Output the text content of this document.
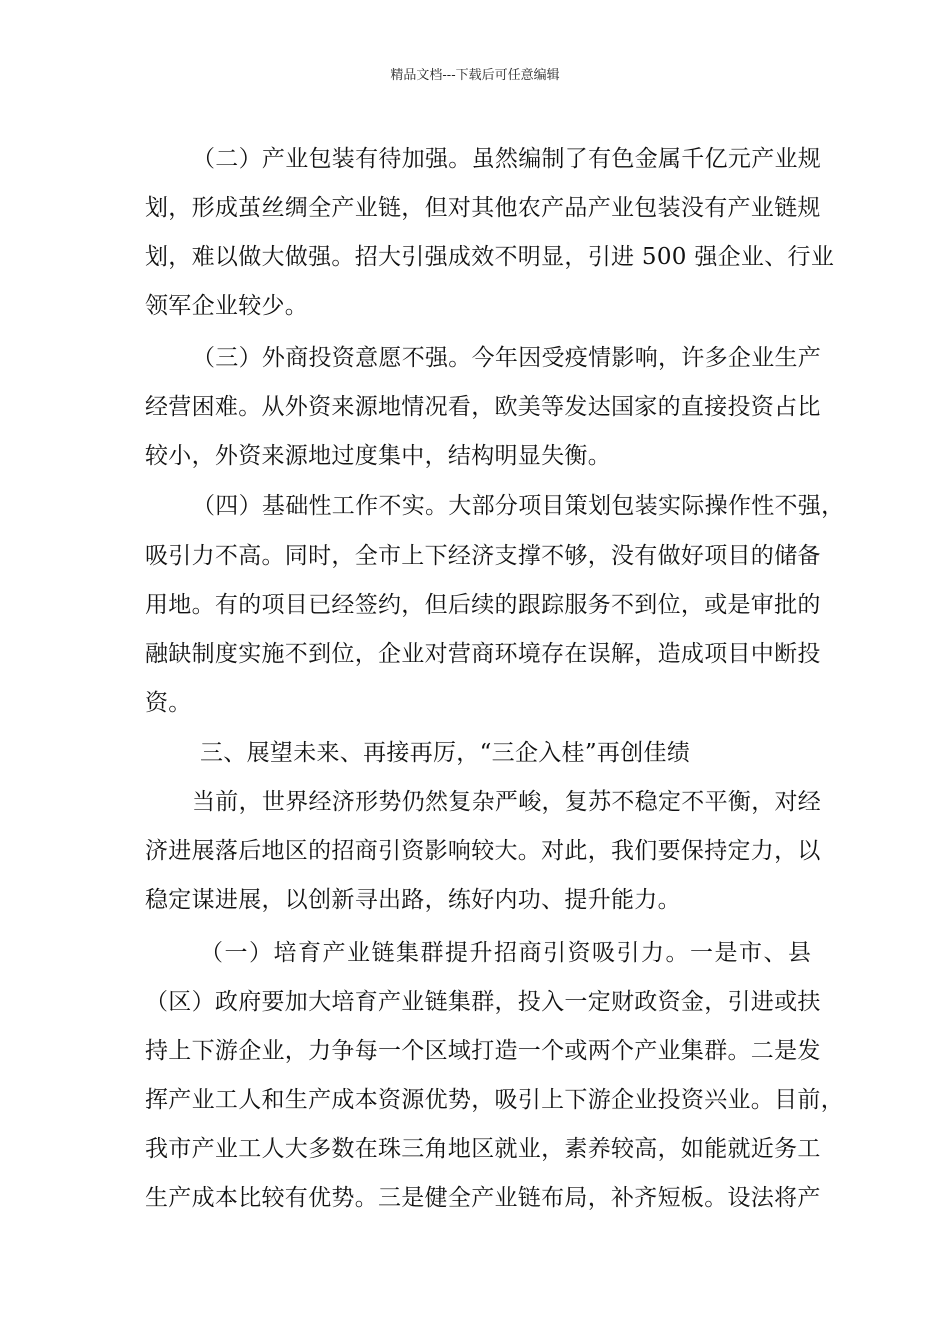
精品文档---下载后可任意编辑
（二）产业包装有待加强。虽然编制了有色金属千亿元产业规
划，形成茧丝绸全产业链，但对其他农产品产业包装没有产业链规
划，难以做大做强。招大引强成效不明显，引进 500 强企业、行业
领军企业较少。
（三）外商投资意愿不强。今年因受疫情影响，许多企业生产
经营困难。从外资来源地情况看，欧美等发达国家的直接投资占比
较小，外资来源地过度集中，结构明显失衡。
（四）基础性工作不实。大部分项目策划包装实际操作性不强，
吸引力不高。同时，全市上下经济支撑不够，没有做好项目的储备
用地。有的项目已经签约，但后续的跟踪服务不到位，或是审批的
融缺制度实施不到位，企业对营商环境存在误解，造成项目中断投
资。
三、展望未来、再接再厉，“三企入桂”再创佳绩
当前，世界经济形势仍然复杂严峻，复苏不稳定不平衡，对经
济进展落后地区的招商引资影响较大。对此，我们要保持定力，以
稳定谋进展，以创新寻出路，练好内功、提升能力。
（一）培育产业链集群提升招商引资吸引力。一是市、县
（区）政府要加大培育产业链集群，投入一定财政资金，引进或扶
持上下游企业，力争每一个区域打造一个或两个产业集群。二是发
挥产业工人和生产成本资源优势，吸引上下游企业投资兴业。目前，
我市产业工人大多数在珠三角地区就业，素养较高，如能就近务工
生产成本比较有优势。三是健全产业链布局，补齐短板。设法将产
